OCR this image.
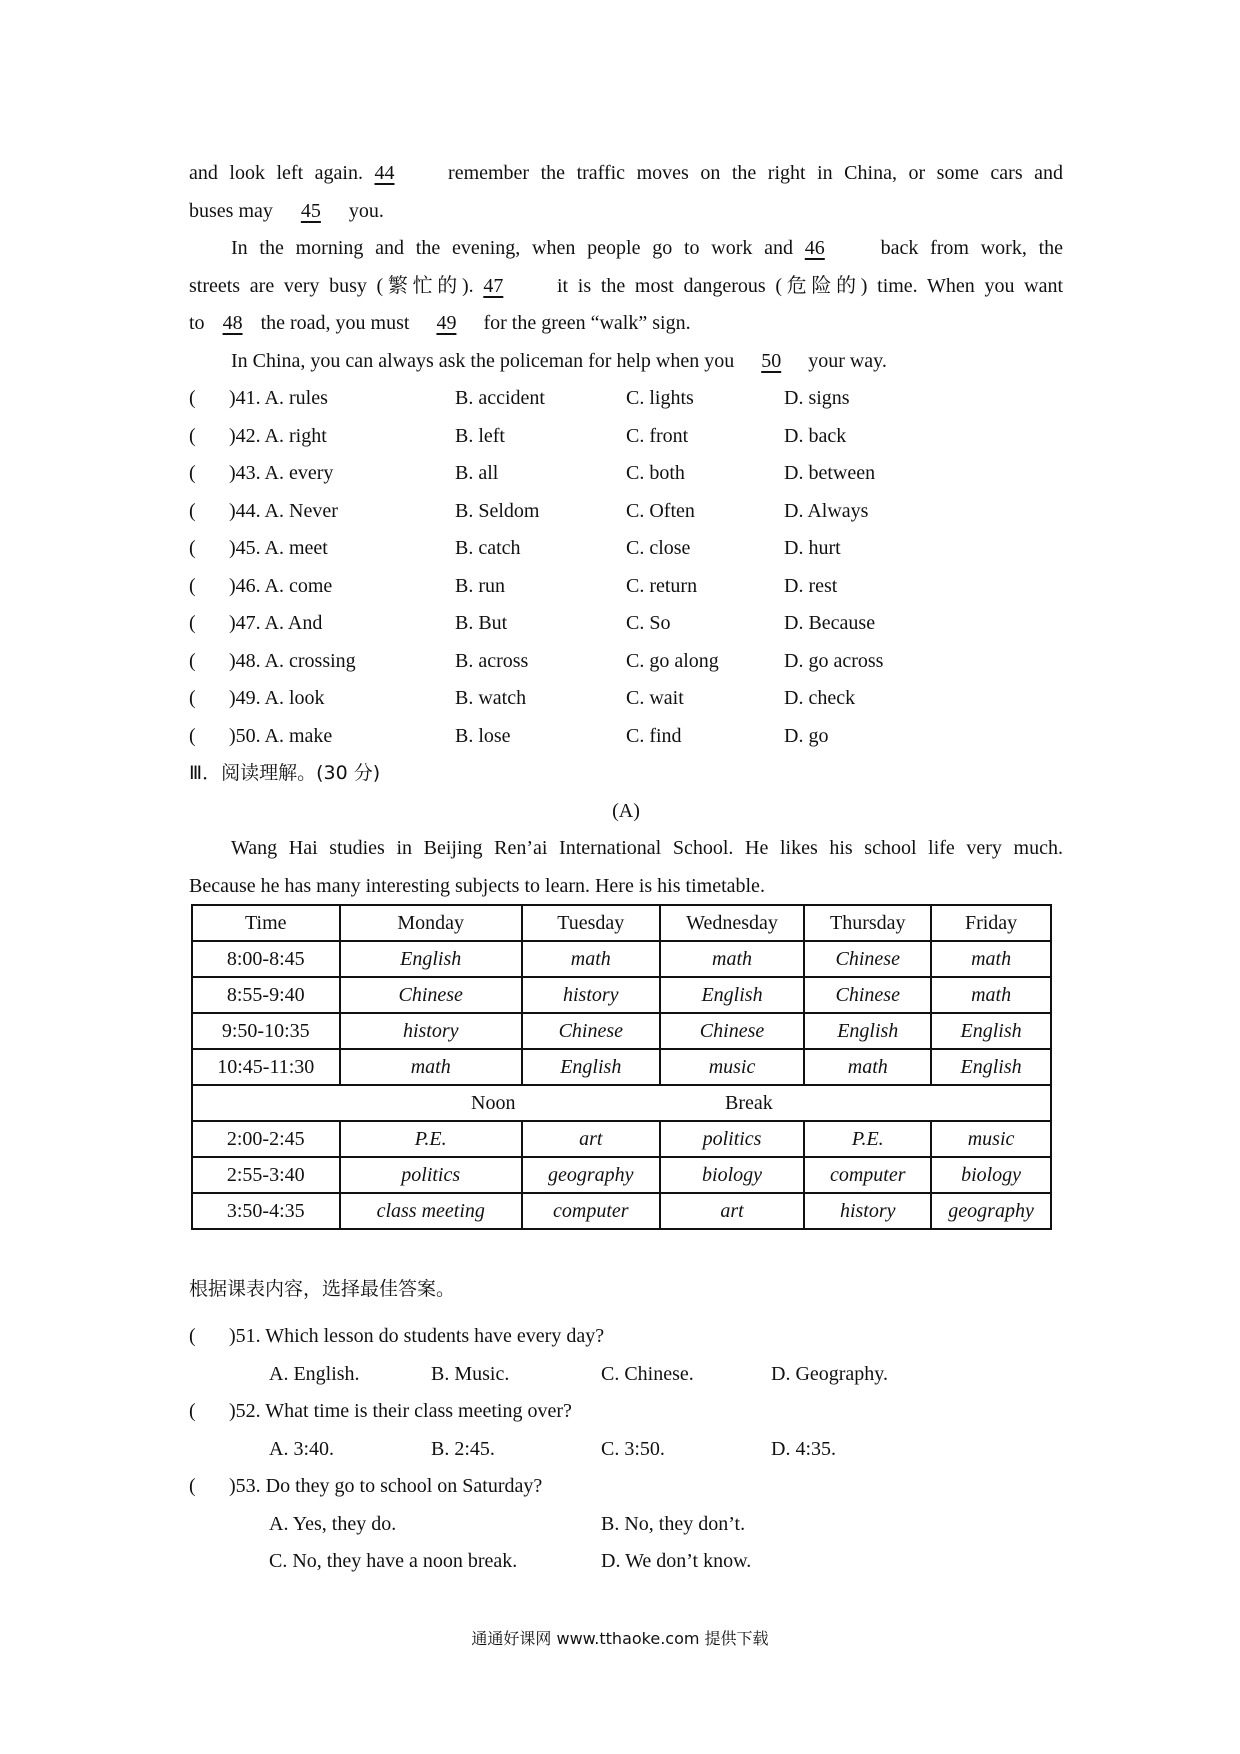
and look left again. 44	remember the traffic moves on the right in China, or some cars and
buses may 45 you.
In the morning and the evening, when people go to work and 46	back from work, the
streets are very busy (繁忙的). 47	it is the most dangerous (危险的) time. When you want
to 48 the road, you must 49 for the green “walk” sign.
In China, you can always ask the policeman for help when you 50 your way.
(	)41. A. rules	B. accident	C. lights	D. signs
(	)42. A. right	B. left	C. front	D. back
(	)43. A. every	B. all	C. both	D. between
(	)44. A. Never	B. Seldom	C. Often	D. Always
(	)45. A. meet	B. catch	C. close	D. hurt
(	)46. A. come	B. run	C. return	D. rest
(	)47. A. And	B. But	C. So	D. Because
(	)48. A. crossing	B. across	C. go along	D. go across
(	)49. A. look	B. watch	C. wait	D. check
(	)50. A. make	B. lose	C. find	D. go
Ⅲ．阅读理解。(30 分)
(A)
Wang Hai studies in Beijing Ren’ai International School. He likes his school life very much.
Because he has many interesting subjects to learn. Here is his timetable.
Time	Monday	Tuesday	Wednesday	Thursday	Friday
8:00-8:45	English	math	math	Chinese	math
8:55-9:40	Chinese	history	English	Chinese	math
9:50-10:35	history	Chinese	Chinese	English	English
10:45-11:30	math	English	music	math	English

Noon Break					

2:00-2:45	P.E.	art	politics	P.E.	music
2:55-3:40	politics	geography	biology	computer	biology
3:50-4:35	class meeting	computer	art	history	geography
根据课表内容，选择最佳答案。
(	)51. Which lesson do students have every day?
A. English.	B. Music.	C. Chinese.	D. Geography.
(	)52. What time is their class meeting over?
A. 3:40.	B. 2:45.	C. 3:50.	D. 4:35.
(	)53. Do they go to school on Saturday?
A. Yes, they do.	B. No, they don’t.
C. No, they have a noon break.	D. We don’t know.
通通好课网 www.tthaoke.com 提供下载
